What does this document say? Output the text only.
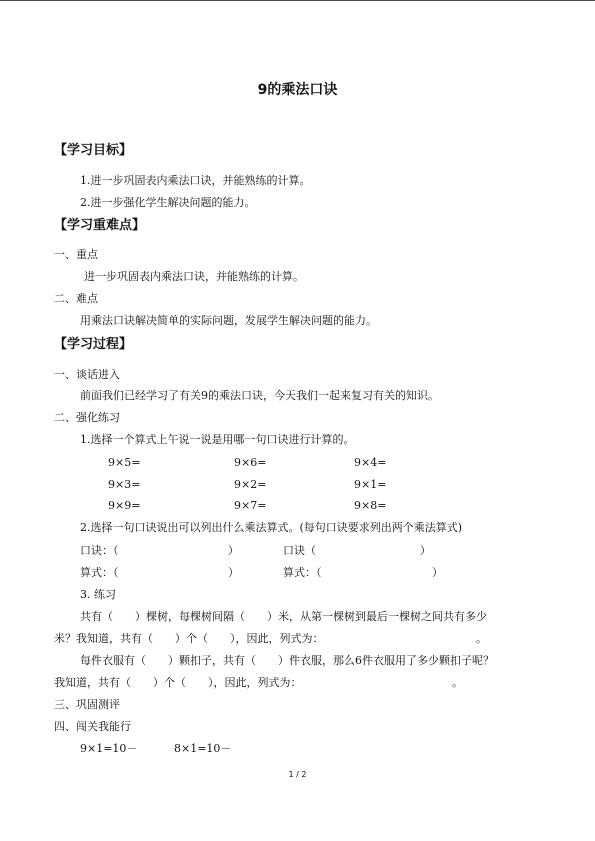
9的乘法口诀
【学习目标】
1.进一步巩固表内乘法口诀，并能熟练的计算。
2.进一步强化学生解决问题的能力。
【学习重难点】
一、重点
进一步巩固表内乘法口诀，并能熟练的计算。
二、难点
用乘法口诀解决简单的实际问题，发展学生解决问题的能力。
【学习过程】
一、谈话进入
前面我们已经学习了有关9的乘法口诀，今天我们一起来复习有关的知识。
二、强化练习
1.选择一个算式上午说一说是用哪一句口诀进行计算的。
9×5=	9×6=	9×4=
9×3=	9×2=	9×1=
9×9=	9×7=	9×8=
2.选择一句口诀说出可以列出什么乘法算式。(每句口诀要求列出两个乘法算式)
口诀：（	）	口诀（	）
算式：（	）	算式：（	）
3. 练习
共有（　　）棵树，每棵树间隔（　　）米，从第一棵树到最后一棵树之间共有多少
米？我知道，共有（　　）个（　　），因此，列式为：	。
每件衣服有（　　）颗扣子，共有（　　）件衣服，那么6件衣服用了多少颗扣子呢？
我知道，共有（　　）个（　　），因此，列式为：	。
三、巩固测评
四、闯关我能行
9×1=10－	8×1=10－
1 / 2
